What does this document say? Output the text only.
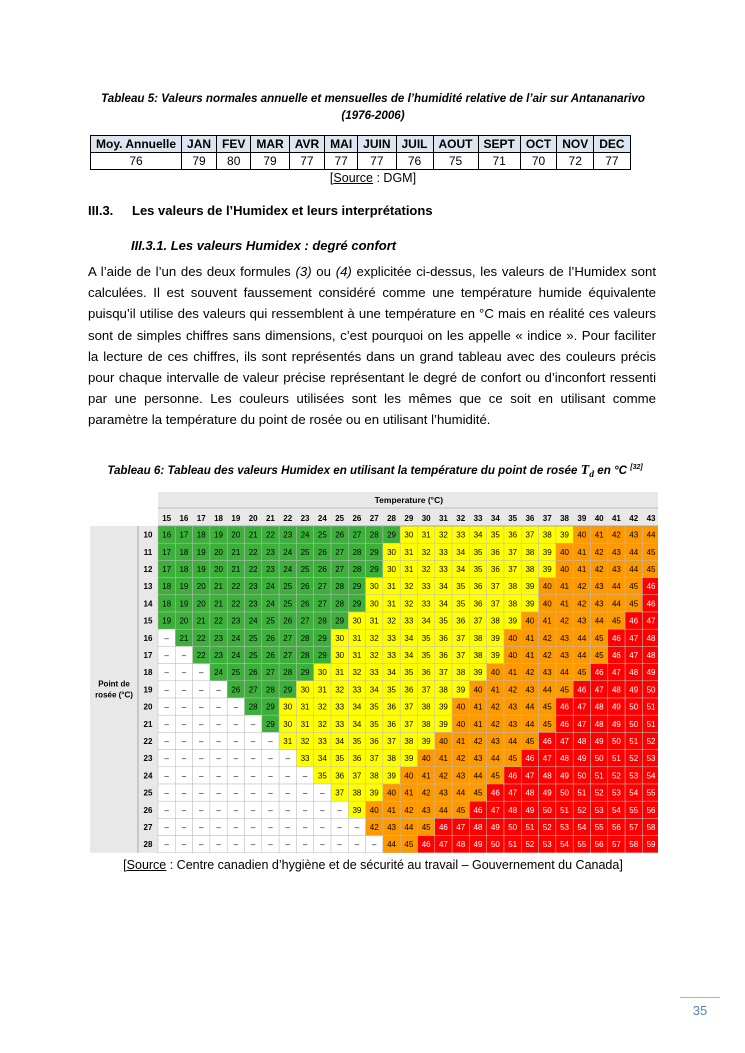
Tableau 5: Valeurs normales annuelle et mensuelles de l’humidité relative de l’air sur Antananarivo (1976-2006)
Moy. Annuelle	JAN	FEV	MAR	AVR	MAI	JUIN	JUIL	AOUT	SEPT	OCT	NOV	DEC
76	79	80	79	77	77	77	76	75	71	70	72	77
[Source : DGM]
III.3. Les valeurs de l’Humidex et leurs interprétations
III.3.1. Les valeurs Humidex : degré confort
A l’aide de l’un des deux formules (3) ou (4) explicitée ci-dessus, les valeurs de l’Humidex sont calculées. Il est souvent faussement considéré comme une température humide équivalente puisqu’il utilise des valeurs qui ressemblent à une température en °C mais en réalité ces valeurs sont de simples chiffres sans dimensions, c’est pourquoi on les appelle « indice ». Pour faciliter la lecture de ces chiffres, ils sont représentés dans un grand tableau avec des couleurs précis pour chaque intervalle de valeur précise représentant le degré de confort ou d’inconfort ressenti par une personne. Les couleurs utilisées sont les mêmes que ce soit en utilisant comme paramètre la température du point de rosée ou en utilisant l’humidité.
Tableau 6: Tableau des valeurs Humidex en utilisant la température du point de rosée $T_d$ en °C [32]
Temperature (°C)
15 16 17 18 19 20 21 22 23 24 25 26 27 28 29 30 31 32 33 34 35 36 37 38 39 40 41 42 43
Point de
rosée (°C)
10 16 17 18 19 20 21 22 23 24 25 26 27 28 29 30 31 32 33 34 35 36 37 38 39 40 41 42 43 44
11 17 18 19 20 21 22 23 24 25 26 27 28 29 30 31 32 33 34 35 36 37 38 39 40 41 42 43 44 45
12 17 18 19 20 21 22 23 24 25 26 27 28 29 30 31 32 33 34 35 36 37 38 39 40 41 42 43 44 45
13 18 19 20 21 22 23 24 25 26 27 28 29 30 31 32 33 34 35 36 37 38 39 40 41 42 43 44 45 46
14 18 19 20 21 22 23 24 25 26 27 28 29 30 31 32 33 34 35 36 37 38 39 40 41 42 43 44 45 46
15 19 20 21 22 23 24 25 26 27 28 29 30 31 32 33 34 35 36 37 38 39 40 41 42 43 44 45 46 47
16 – 21 22 23 24 25 26 27 28 29 30 31 32 33 34 35 36 37 38 39 40 41 42 43 44 45 46 47 48
17 – – 22 23 24 25 26 27 28 29 30 31 32 33 34 35 36 37 38 39 40 41 42 43 44 45 46 47 48
18 – – – 24 25 26 27 28 29 30 31 32 33 34 35 36 37 38 39 40 41 42 43 44 45 46 47 48 49
19 – – – – 26 27 28 29 30 31 32 33 34 35 36 37 38 39 40 41 42 43 44 45 46 47 48 49 50
20 – – – – – 28 29 30 31 32 33 34 35 36 37 38 39 40 41 42 43 44 45 46 47 48 49 50 51
21 – – – – – – 29 30 31 32 33 34 35 36 37 38 39 40 41 42 43 44 45 46 47 48 49 50 51
22 – – – – – – – 31 32 33 34 35 36 37 38 39 40 41 42 43 44 45 46 47 48 49 50 51 52
23 – – – – – – – – 33 34 35 36 37 38 39 40 41 42 43 44 45 46 47 48 49 50 51 52 53
24 – – – – – – – – – 35 36 37 38 39 40 41 42 43 44 45 46 47 48 49 50 51 52 53 54
25 – – – – – – – – – – 37 38 39 40 41 42 43 44 45 46 47 48 49 50 51 52 53 54 55
26 – – – – – – – – – – – 39 40 41 42 43 44 45 46 47 48 49 50 51 52 53 54 55 56
27 – – – – – – – – – – – – 42 43 44 45 46 47 48 49 50 51 52 53 54 55 56 57 58
28 – – – – – – – – – – – – – 44 45 46 47 48 49 50 51 52 53 54 55 56 57 58 59
[Source : Centre canadien d’hygiène et de sécurité au travail – Gouvernement du Canada]
35
